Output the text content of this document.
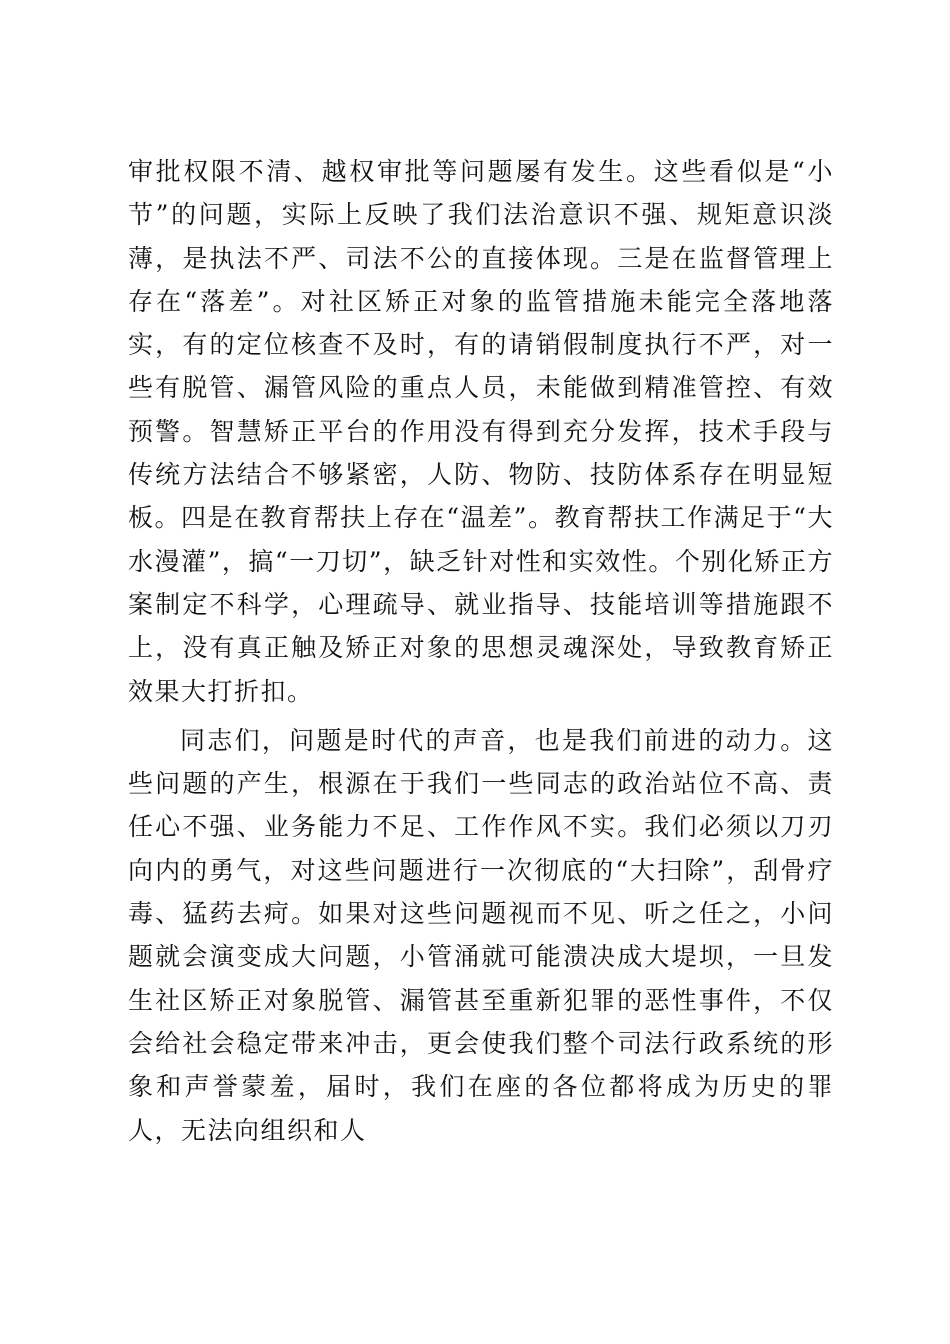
审批权限不清、越权审批等问题屡有发生。这些看似是“小节”的问题，实际上反映了我们法治意识不强、规矩意识淡薄，是执法不严、司法不公的直接体现。三是在监督管理上存在“落差”。对社区矫正对象的监管措施未能完全落地落实，有的定位核查不及时，有的请销假制度执行不严，对一些有脱管、漏管风险的重点人员，未能做到精准管控、有效预警。智慧矫正平台的作用没有得到充分发挥，技术手段与传统方法结合不够紧密，人防、物防、技防体系存在明显短板。四是在教育帮扶上存在“温差”。教育帮扶工作满足于“大水漫灌”，搞“一刀切”，缺乏针对性和实效性。个别化矫正方案制定不科学，心理疏导、就业指导、技能培训等措施跟不上，没有真正触及矫正对象的思想灵魂深处，导致教育矫正效果大打折扣。

同志们，问题是时代的声音，也是我们前进的动力。这些问题的产生，根源在于我们一些同志的政治站位不高、责任心不强、业务能力不足、工作作风不实。我们必须以刀刃向内的勇气，对这些问题进行一次彻底的“大扫除”，刮骨疗毒、猛药去疴。如果对这些问题视而不见、听之任之，小问题就会演变成大问题，小管涌就可能溃决成大堤坝，一旦发生社区矫正对象脱管、漏管甚至重新犯罪的恶性事件，不仅会给社会稳定带来冲击，更会使我们整个司法行政系统的形象和声誉蒙羞，届时，我们在座的各位都将成为历史的罪人，无法向组织和人
